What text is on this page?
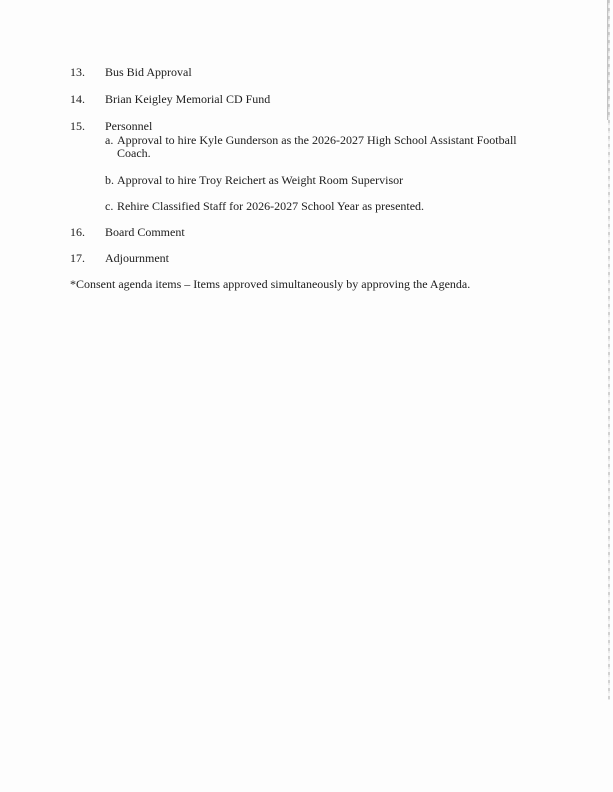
13. Bus Bid Approval
14. Brian Keigley Memorial CD Fund
15. Personnel
a. Approval to hire Kyle Gunderson as the 2026-2027 High School Assistant Football
Coach.
b. Approval to hire Troy Reichert as Weight Room Supervisor
c. Rehire Classified Staff for 2026-2027 School Year as presented.
16. Board Comment
17. Adjournment
*Consent agenda items – Items approved simultaneously by approving the Agenda.
